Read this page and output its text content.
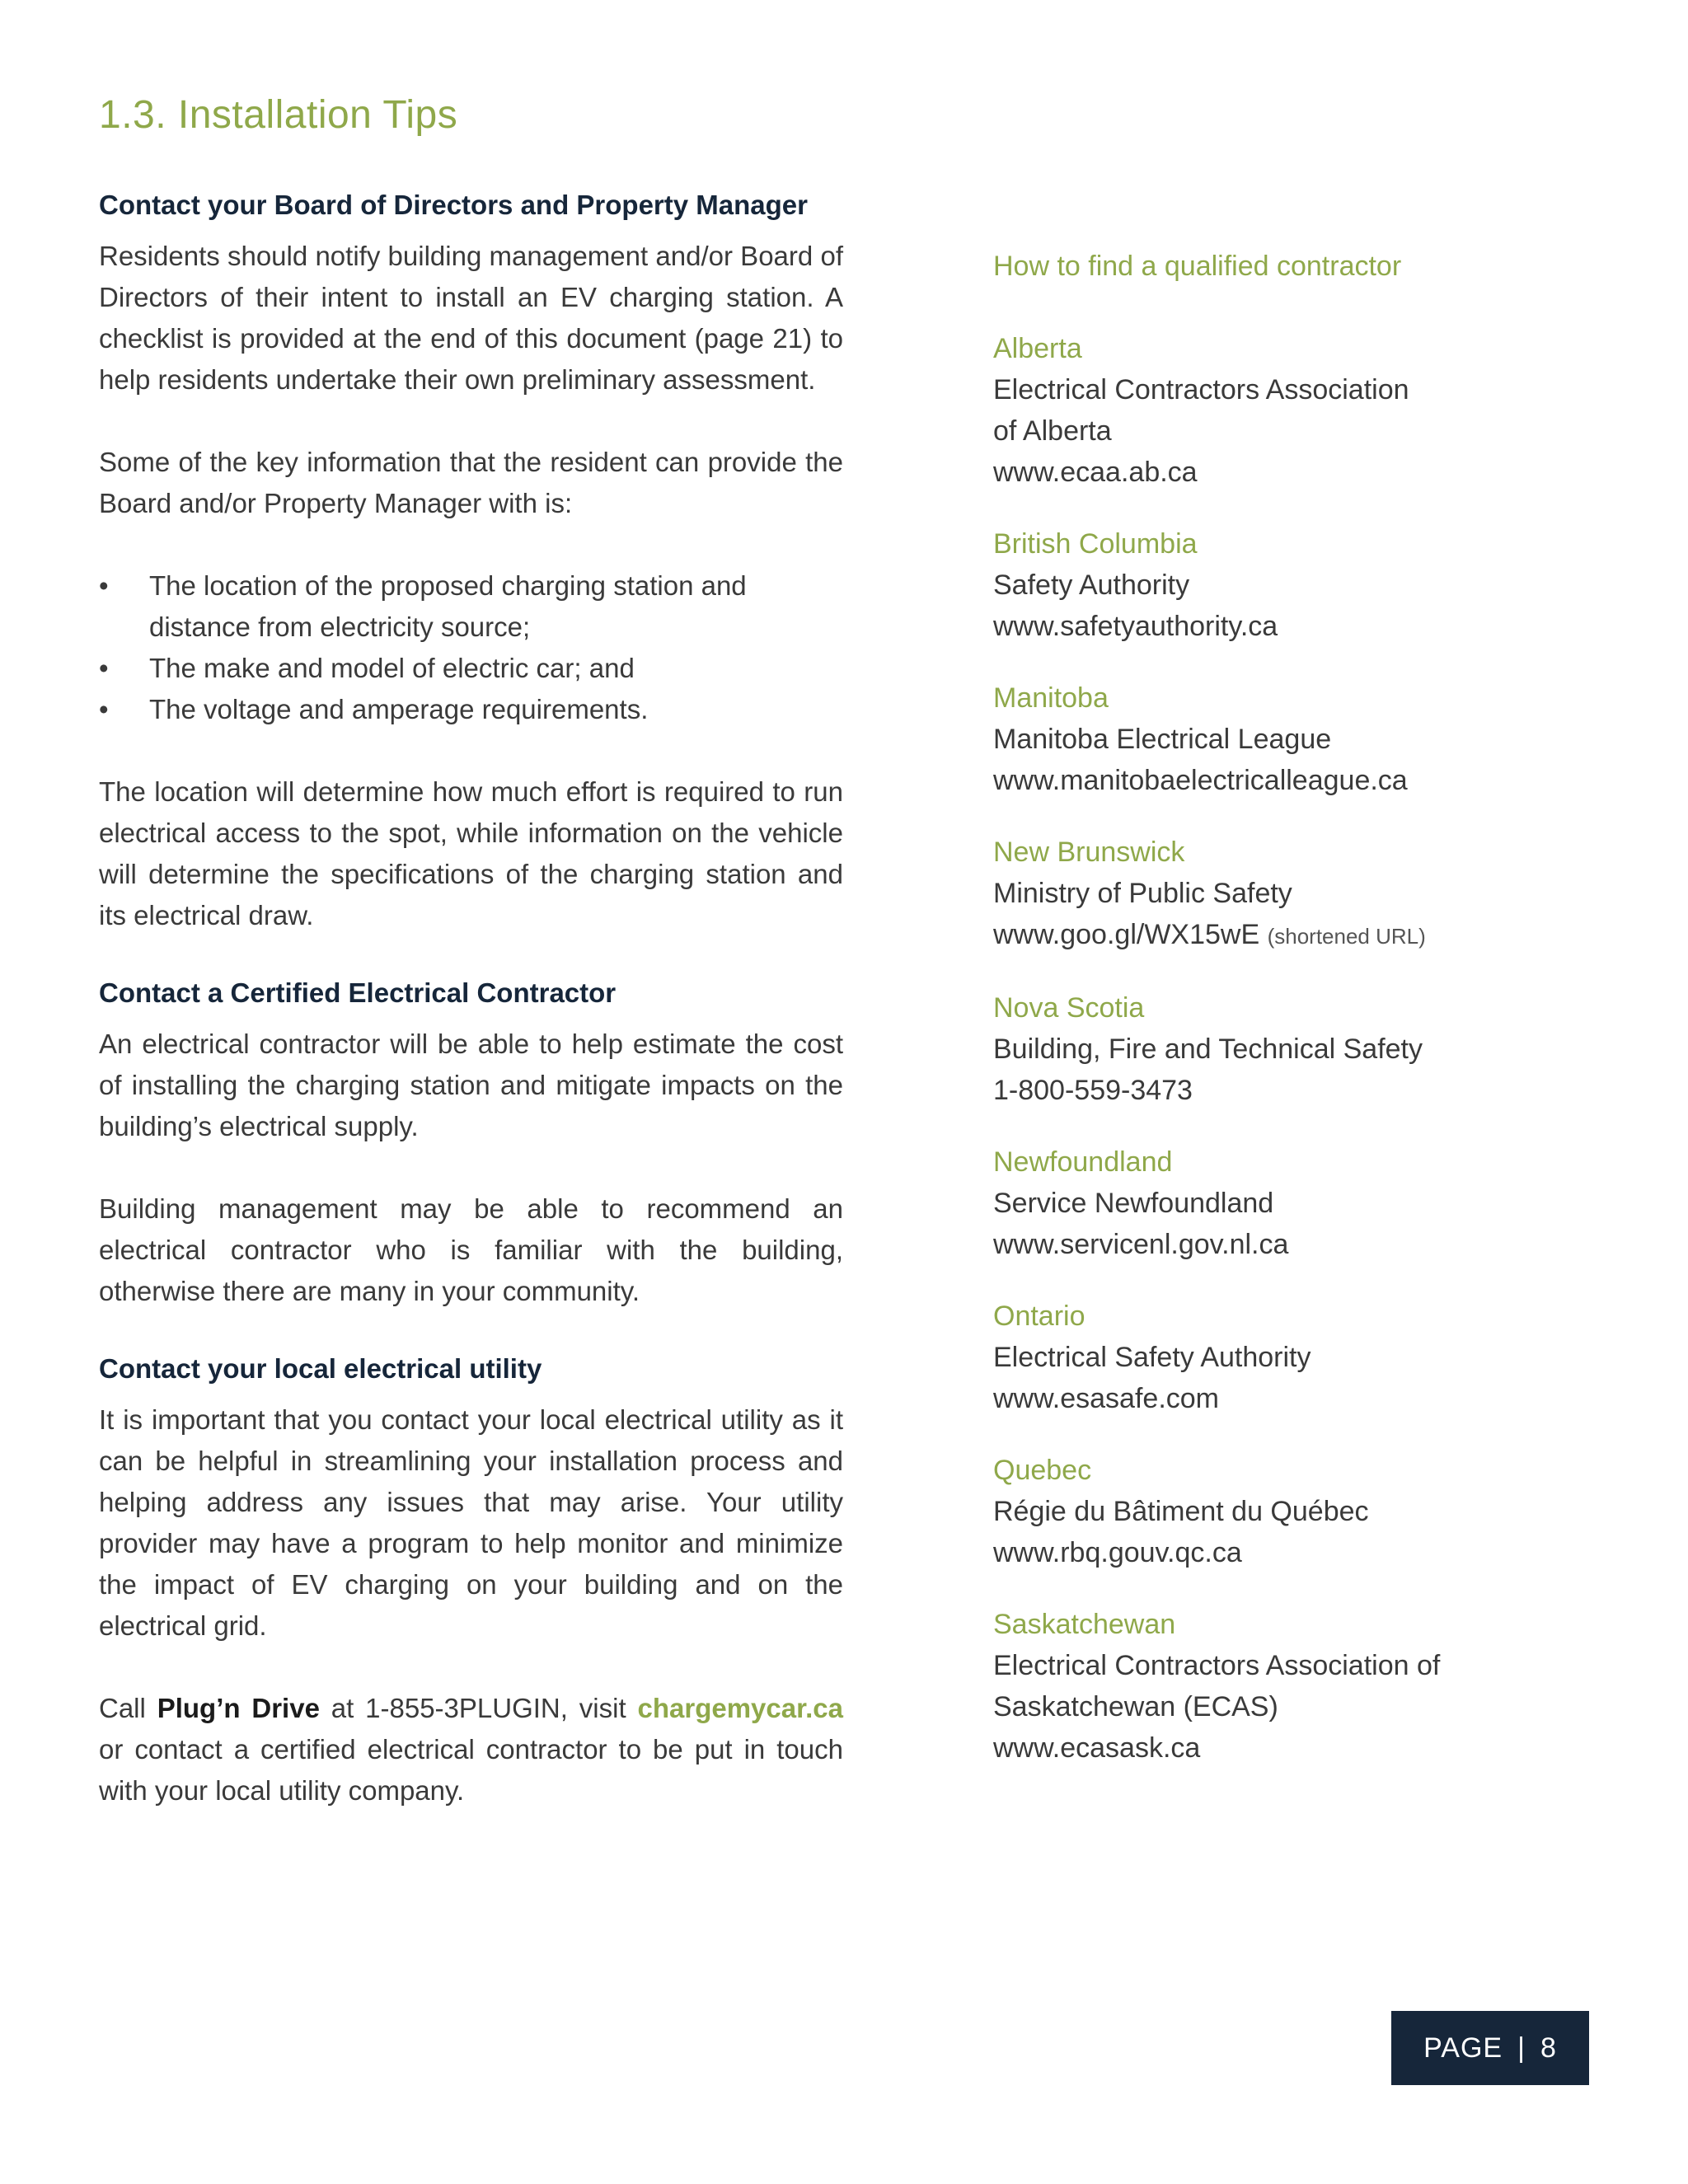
1.3. Installation Tips
Contact your Board of Directors and Property Manager

Residents should notify building management and/or Board of Directors of their intent to install an EV charging station. A checklist is provided at the end of this document (page 21) to help residents undertake their own preliminary assessment.

Some of the key information that the resident can provide the Board and/or Property Manager with is:

• The location of the proposed charging station and distance from electricity source;
• The make and model of electric car; and
• The voltage and amperage requirements.

The location will determine how much effort is required to run electrical access to the spot, while information on the vehicle will determine the specifications of the charging station and its electrical draw.

Contact a Certified Electrical Contractor

An electrical contractor will be able to help estimate the cost of installing the charging station and mitigate impacts on the building’s electrical supply.

Building management may be able to recommend an electrical contractor who is familiar with the building, otherwise there are many in your community.

Contact your local electrical utility

It is important that you contact your local electrical utility as it can be helpful in streamlining your installation process and helping address any issues that may arise. Your utility provider may have a program to help monitor and minimize the impact of EV charging on your building and on the electrical grid.

Call Plug’n Drive at 1-855-3PLUGIN, visit chargemycar.ca or contact a certified electrical contractor to be put in touch with your local utility company.

How to find a qualified contractor
Alberta
Electrical Contractors Association
of Alberta
www.ecaa.ab.ca
British Columbia
Safety Authority
www.safetyauthority.ca
Manitoba
Manitoba Electrical League
www.manitobaelectricalleague.ca
New Brunswick
Ministry of Public Safety
www.goo.gl/WX15wE (shortened URL)
Nova Scotia
Building, Fire and Technical Safety
1-800-559-3473
Newfoundland
Service Newfoundland
www.servicenl.gov.nl.ca
Ontario
Electrical Safety Authority
www.esasafe.com
Quebec
Régie du Bâtiment du Québec
www.rbq.gouv.qc.ca
Saskatchewan
Electrical Contractors Association of
Saskatchewan (ECAS)
www.ecasask.ca
PAGE | 8
